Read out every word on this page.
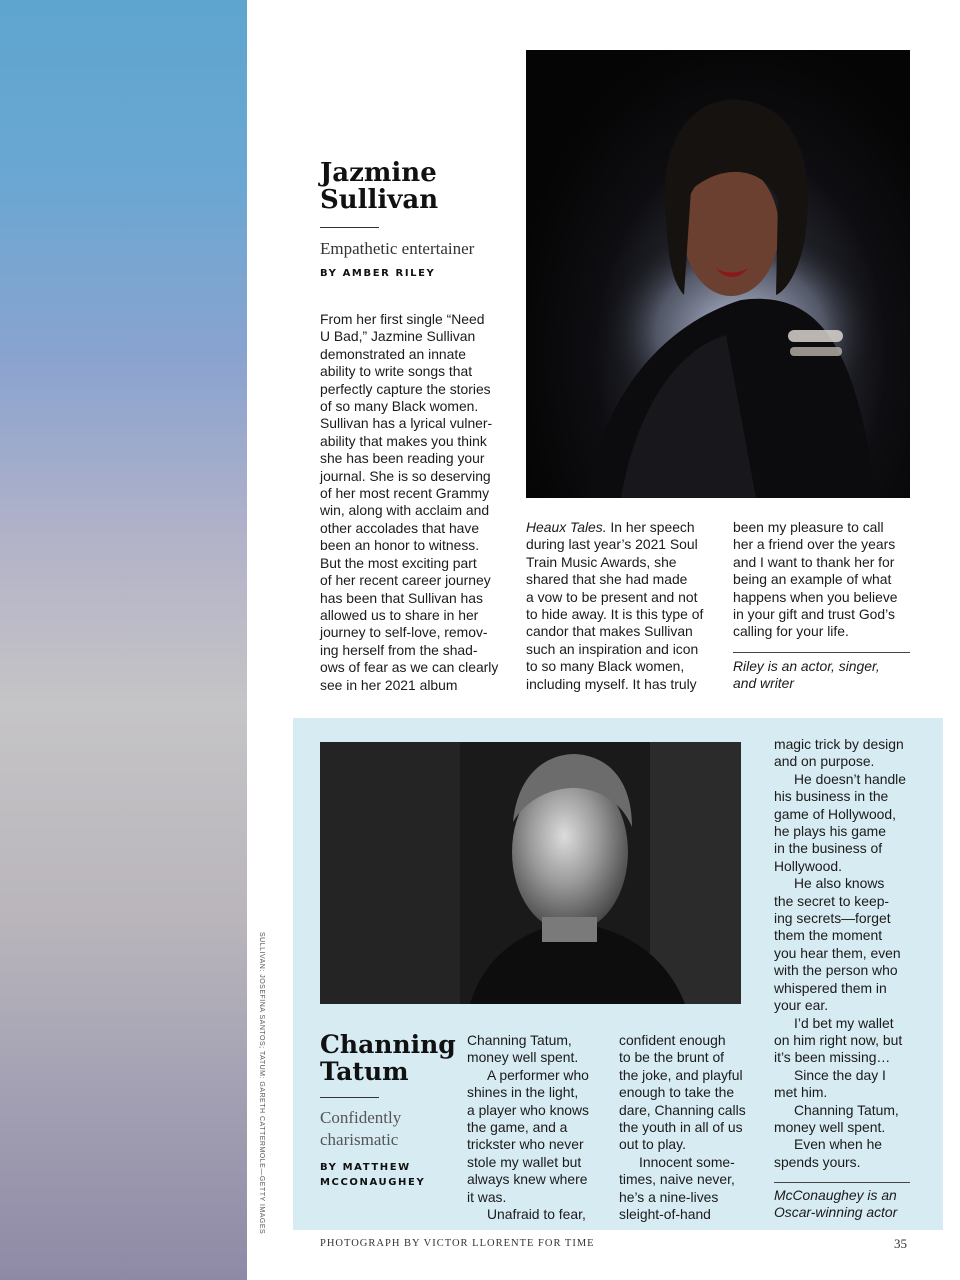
SULLIVAN: JOSEFINA SANTOS; TATUM: GARETH CATTERMOLE—GETTY IMAGES
Jazmine
Sullivan
Empathetic entertainer
BY AMBER RILEY
From her first single “Need
U Bad,” Jazmine Sullivan
demonstrated an innate
ability to write songs that
perfectly capture the stories
of so many Black women.
Sullivan has a lyrical vulner-
ability that makes you think
she has been reading your
journal. She is so deserving
of her most recent Grammy
win, along with acclaim and
other accolades that have
been an honor to witness.
But the most exciting part
of her recent career journey
has been that Sullivan has
allowed us to share in her
journey to self-love, remov-
ing herself from the shad-
ows of fear as we can clearly
see in her 2021 album
Heaux Tales. In her speech
during last year’s 2021 Soul
Train Music Awards, she
shared that she had made
a vow to be present and not
to hide away. It is this type of
candor that makes Sullivan
such an inspiration and icon
to so many Black women,
including myself. It has truly
been my pleasure to call
her a friend over the years
and I want to thank her for
being an example of what
happens when you believe
in your gift and trust God’s
calling for your life.
Riley is an actor, singer,
and writer
Channing
Tatum
Confidently
charismatic
BY MATTHEW
MCCONAUGHEY
Channing Tatum,
money well spent.
A performer who
shines in the light,
a player who knows
the game, and a
trickster who never
stole my wallet but
always knew where
it was.
Unafraid to fear,
confident enough
to be the brunt of
the joke, and playful
enough to take the
dare, Channing calls
the youth in all of us
out to play.
Innocent some-
times, naive never,
he’s a nine-lives
sleight-of-hand
magic trick by design
and on purpose.
He doesn’t handle
his business in the
game of Hollywood,
he plays his game
in the business of
Hollywood.
He also knows
the secret to keep-
ing secrets—forget
them the moment
you hear them, even
with the person who
whispered them in
your ear.
I’d bet my wallet
on him right now, but
it’s been missing…
Since the day I
met him.
Channing Tatum,
money well spent.
Even when he
spends yours.
McConaughey is an
Oscar-winning actor
PHOTOGRAPH BY VICTOR LLORENTE FOR TIME	35
